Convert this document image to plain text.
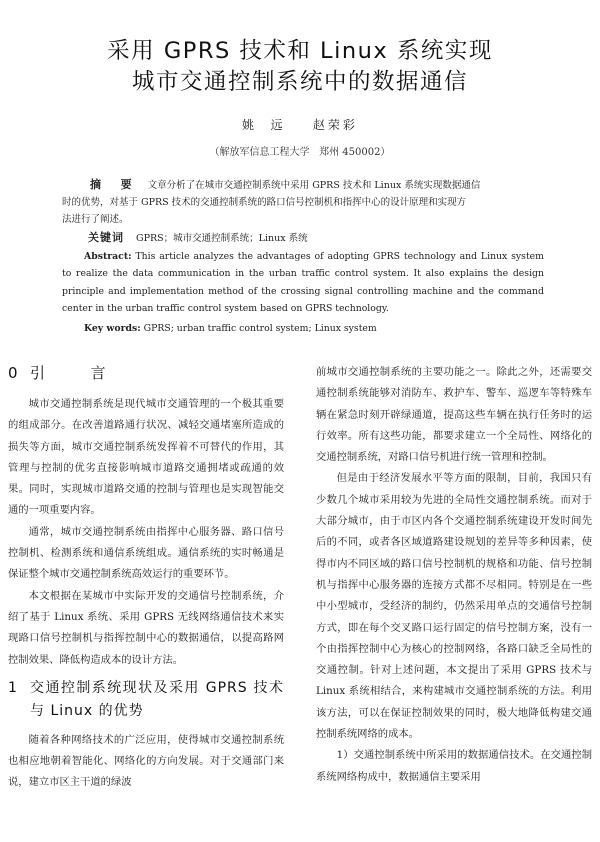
采用 GPRS 技术和 Linux 系统实现
城市交通控制系统中的数据通信
姚  远    赵荣彩
（解放军信息工程大学   郑州 450002）
摘  要 文章分析了在城市交通控制系统中采用 GPRS 技术和 Linux 系统实现数据通信
时的优势，对基于 GPRS 技术的交通控制系统的路口信号控制机和指挥中心的设计原理和实现方
法进行了阐述。
关键词 GPRS；城市交通控制系统；Linux 系统
Abstract: This article analyzes the advantages of adopting GPRS technology and Linux system to realize the data communication in the urban traffic control system. It also explains the design principle and implementation method of the crossing signal controlling machine and the command center in the urban traffic control system based on GPRS technology.
Key words: GPRS; urban traffic control system; Linux system
0 引  言

城市交通控制系统是现代城市交通管理的一个极其重要的组成部分。在改善道路通行状况、减轻交通堵塞所造成的损失等方面，城市交通控制系统发挥着不可替代的作用，其管理与控制的优劣直接影响城市道路交通拥堵或疏通的效果。同时，实现城市道路交通的控制与管理也是实现智能交通的一项重要内容。

通常，城市交通控制系统由指挥中心服务器、路口信号控制机、检测系统和通信系统组成。通信系统的实时畅通是保证整个城市交通控制系统高效运行的重要环节。

本文根据在某城市中实际开发的交通信号控制系统，介绍了基于 Linux 系统、采用 GPRS 无线网络通信技术来实现路口信号控制机与指挥控制中心的数据通信，以提高路网控制效果、降低构造成本的设计方法。

1 交通控制系统现状及采用 GPRS 技术与 Linux 的优势

随着各种网络技术的广泛应用，使得城市交通控制系统也相应地朝着智能化、网络化的方向发展。对于交通部门来说，建立市区主干道的绿波

前城市交通控制系统的主要功能之一。除此之外，还需要交通控制系统能够对消防车、救护车、警车、巡逻车等特殊车辆在紧急时刻开辟绿通道，提高这些车辆在执行任务时的运行效率。所有这些功能，都要求建立一个全局性、网络化的交通控制系统，对路口信号机进行统一管理和控制。

但是由于经济发展水平等方面的限制，目前，我国只有少数几个城市采用较为先进的全局性交通控制系统。而对于大部分城市，由于市区内各个交通控制系统建设开发时间先后的不同，或者各区域道路建设规划的差异等多种因素，使得市内不同区域的路口信号控制机的规格和功能、信号控制机与指挥中心服务器的连接方式都不尽相同。特别是在一些中小型城市，受经济的制约，仍然采用单点的交通信号控制方式，即在每个交叉路口运行固定的信号控制方案，没有一个由指挥控制中心为核心的控制网络，各路口缺乏全局性的交通控制。针对上述问题，本文提出了采用 GPRS 技术与 Linux 系统相结合，来构建城市交通控制系统的方法。利用该方法，可以在保证控制效果的同时，极大地降低构建交通控制系统网络的成本。

1）交通控制系统中所采用的数据通信技术。在交通控制系统网络构成中，数据通信主要采用
